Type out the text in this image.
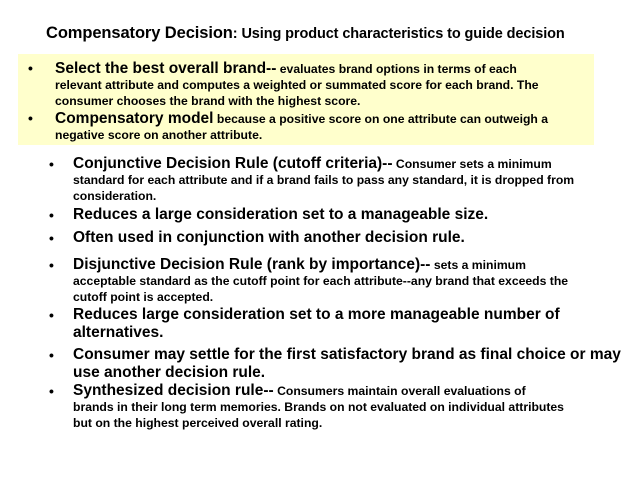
Compensatory Decision: Using product characteristics to guide decision
• Select the best overall brand-- evaluates brand options in terms of each
relevant attribute and computes a weighted or summated score for each brand. The
consumer chooses the brand with the highest score.
• Compensatory model because a positive score on one attribute can outweigh a
negative score on another attribute.
• Conjunctive Decision Rule (cutoff criteria)-- Consumer sets a minimum
standard for each attribute and if a brand fails to pass any standard, it is dropped from
consideration.
• Reduces a large consideration set to a manageable size.
• Often used in conjunction with another decision rule.
• Disjunctive Decision Rule (rank by importance)-- sets a minimum
acceptable standard as the cutoff point for each attribute--any brand that exceeds the
cutoff point is accepted.
• Reduces large consideration set to a more manageable number of
alternatives.
• Consumer may settle for the first satisfactory brand as final choice or may
use another decision rule.
• Synthesized decision rule-- Consumers maintain overall evaluations of
brands in their long term memories. Brands on not evaluated on individual attributes
but on the highest perceived overall rating.
